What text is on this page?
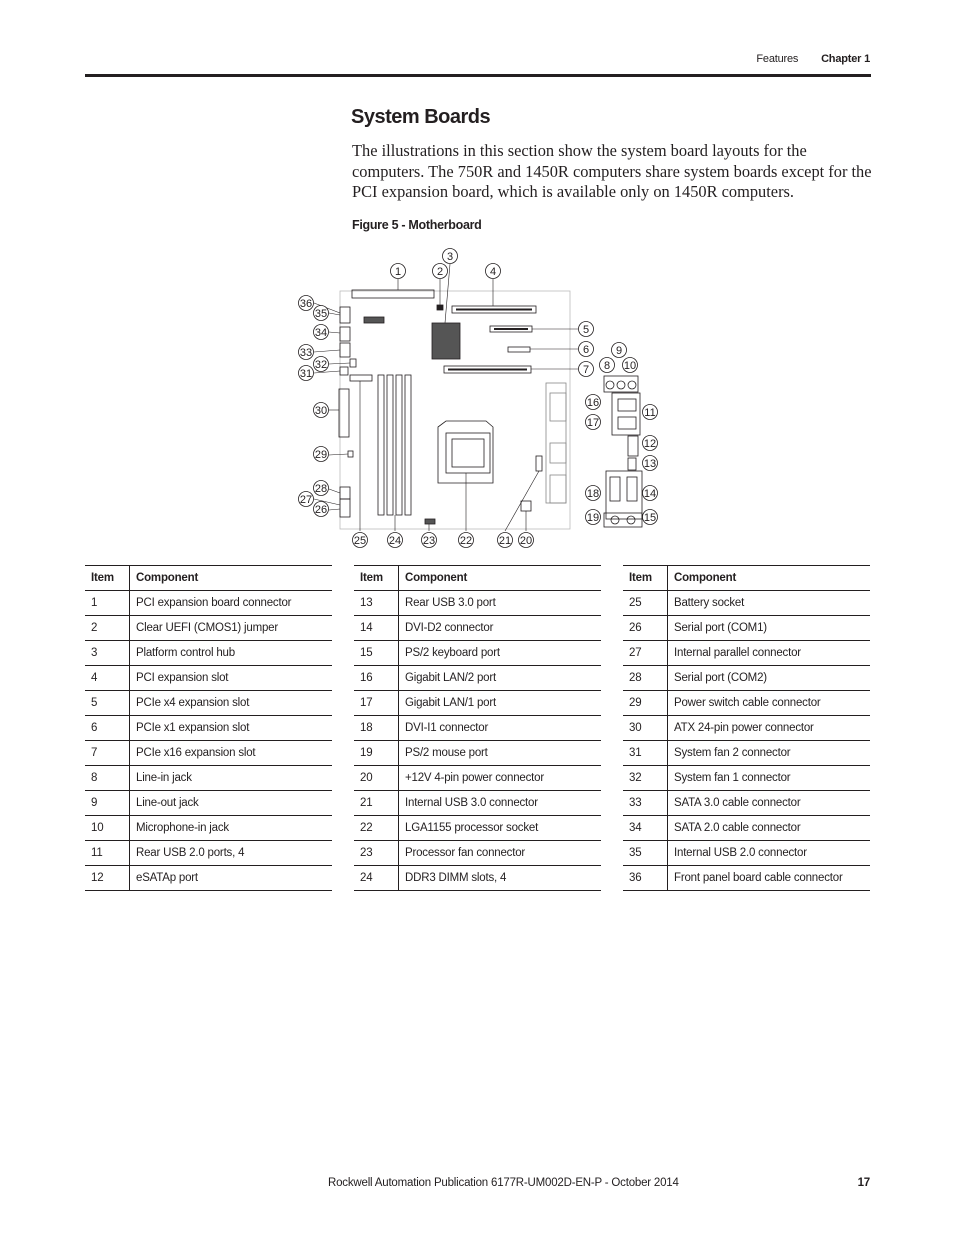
Features Chapter 1
System Boards

The illustrations in this section show the system board layouts for the computers. The 750R and 1450R computers share system boards except for the PCI expansion board, which is available only on 1450R computers.

Figure 5 - Motherboard
1	2
3
4
5
6
7 8
9
10
11
12
13
14
15
16
17
18
19
20
21
22
23
24
25
26
27
28
29
30
31
32
33
34
35
36
Item	Component
1	PCI expansion board connector
2	Clear UEFI (CMOS1) jumper
3	Platform control hub
4	PCI expansion slot
5	PCIe x4 expansion slot
6	PCIe x1 expansion slot
7	PCIe x16 expansion slot
8	Line-in jack
9	Line-out jack
10	Microphone-in jack
11	Rear USB 2.0 ports, 4
12	eSATAp port
Item	Component
13	Rear USB 3.0 port
14	DVI-D2 connector
15	PS/2 keyboard port
16	Gigabit LAN/2 port
17	Gigabit LAN/1 port
18	DVI-I1 connector
19	PS/2 mouse port
20	+12V 4-pin power connector
21	Internal USB 3.0 connector
22	LGA1155 processor socket
23	Processor fan connector
24	DDR3 DIMM slots, 4
Item	Component
25	Battery socket
26	Serial port (COM1)
27	Internal parallel connector
28	Serial port (COM2)
29	Power switch cable connector
30	ATX 24-pin power connector
31	System fan 2 connector
32	System fan 1 connector
33	SATA 3.0 cable connector
34	SATA 2.0 cable connector
35	Internal USB 2.0 connector
36	Front panel board cable connector
Rockwell Automation Publication 6177R-UM002D-EN-P - October 2014	17
